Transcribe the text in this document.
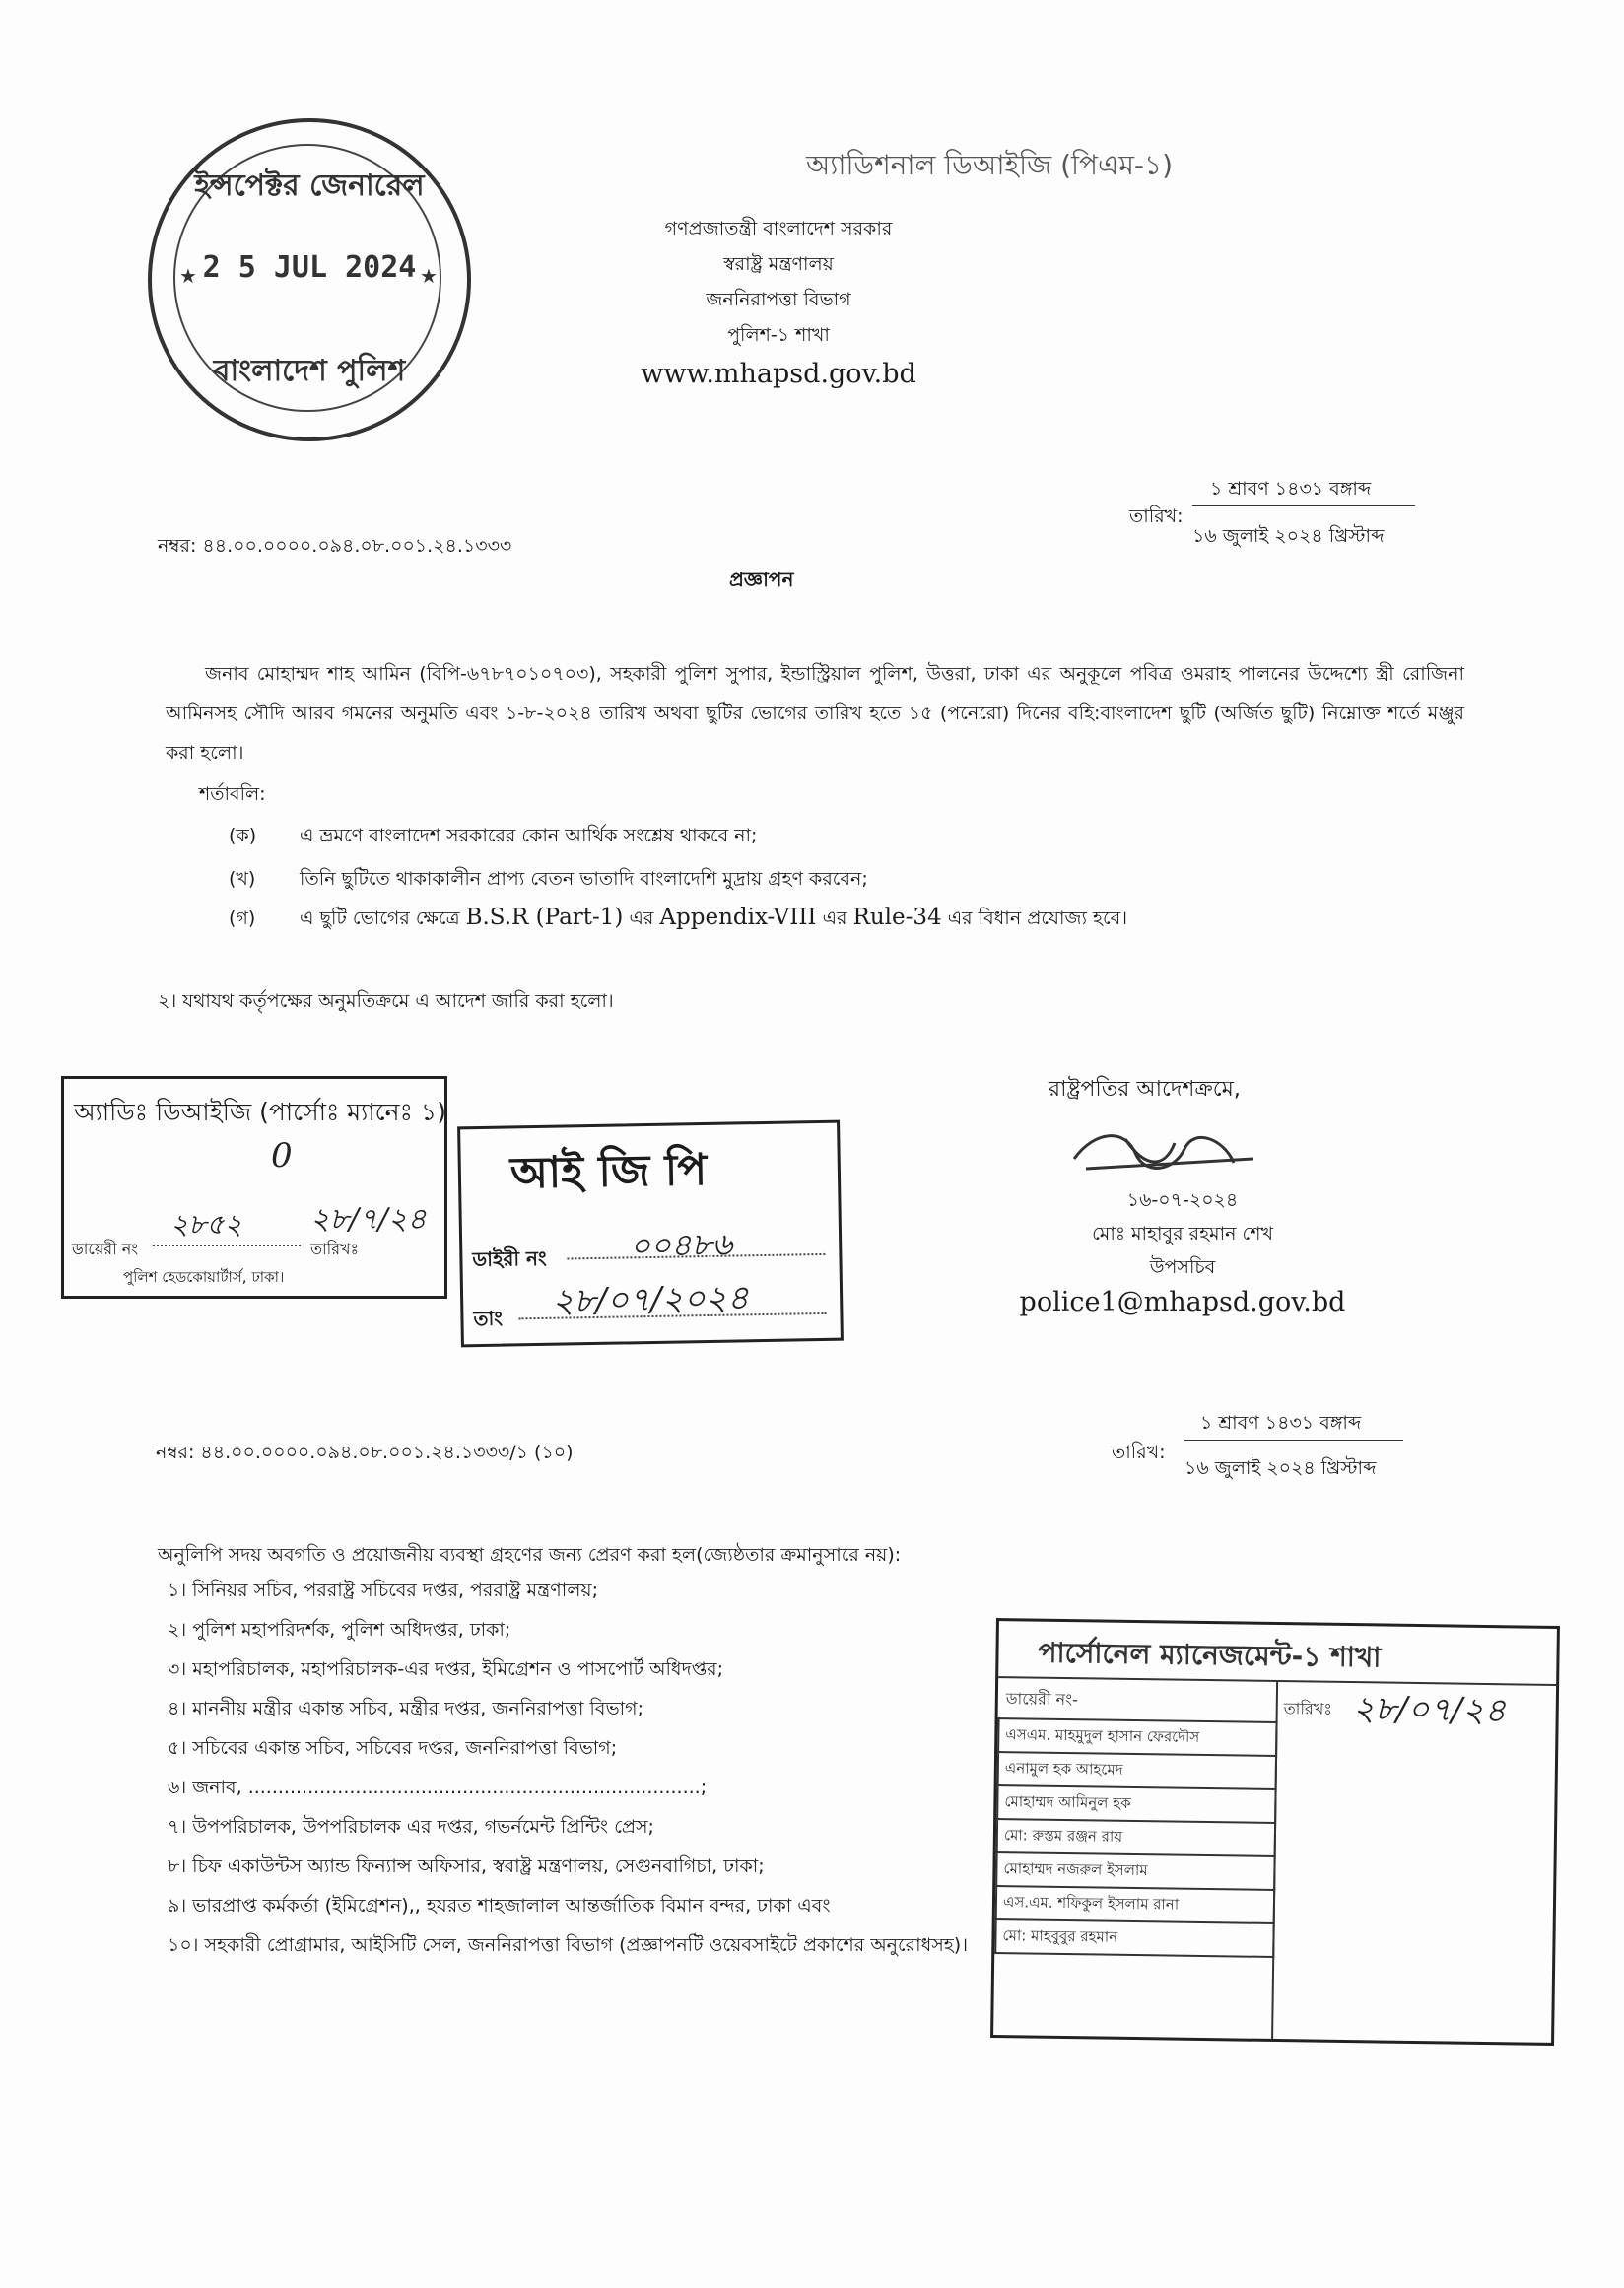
অ্যাডিশনাল ডিআইজি (পিএম-১)
ইন্সপেক্টর জেনারেল
2 5 JUL 2024
★	★
বাংলাদেশ পুলিশ
গণপ্রজাতন্ত্রী বাংলাদেশ সরকার
স্বরাষ্ট্র মন্ত্রণালয়
জননিরাপত্তা বিভাগ
পুলিশ-১ শাখা
www.mhapsd.gov.bd
নম্বর: ৪৪.০০.০০০০.০৯৪.০৮.০০১.২৪.১৩৩৩
তারিখ:
১ শ্রাবণ ১৪৩১ বঙ্গাব্দ
১৬ জুলাই ২০২৪ খ্রিস্টাব্দ
প্রজ্ঞাপন
জনাব মোহাম্মদ শাহ আমিন (বিপি-৬৭৮৭০১০৭০৩), সহকারী পুলিশ সুপার, ইন্ডাস্ট্রিয়াল পুলিশ, উত্তরা, ঢাকা এর অনুকূলে পবিত্র ওমরাহ পালনের উদ্দেশ্যে স্ত্রী রোজিনা আমিনসহ সৌদি আরব গমনের অনুমতি এবং ১-৮-২০২৪ তারিখ অথবা ছুটির ভোগের তারিখ হতে ১৫ (পনেরো) দিনের বহি:বাংলাদেশ ছুটি (অর্জিত ছুটি) নিম্নোক্ত শর্তে মঞ্জুর করা হলো।
শর্তাবলি:
(ক) এ ভ্রমণে বাংলাদেশ সরকারের কোন আর্থিক সংশ্লেষ থাকবে না;
(খ) তিনি ছুটিতে থাকাকালীন প্রাপ্য বেতন ভাতাদি বাংলাদেশি মুদ্রায় গ্রহণ করবেন;
(গ) এ ছুটি ভোগের ক্ষেত্রে B.S.R (Part-1) এর Appendix-VIII এর Rule-34 এর বিধান প্রযোজ্য হবে।
২। যথাযথ কর্তৃপক্ষের অনুমতিক্রমে এ আদেশ জারি করা হলো।
অ্যাডিঃ ডিআইজি (পার্সোঃ ম্যানেঃ ১)
0
ডায়েরী নং
২৮৫২
তারিখঃ
২৮/৭/২৪
পুলিশ হেডকোয়ার্টার্স, ঢাকা।
আই জি পি
ডাইরী নং	০০৪৮৬
তাং ২৮/০৭/২০২৪
রাষ্ট্রপতির আদেশক্রমে,
১৬-০৭-২০২৪
মোঃ মাহাবুর রহমান শেখ
উপসচিব
police1@mhapsd.gov.bd
নম্বর: ৪৪.০০.০০০০.০৯৪.০৮.০০১.২৪.১৩৩৩/১ (১০)	তারিখ:
১ শ্রাবণ ১৪৩১ বঙ্গাব্দ
১৬ জুলাই ২০২৪ খ্রিস্টাব্দ
অনুলিপি সদয় অবগতি ও প্রয়োজনীয় ব্যবস্থা গ্রহণের জন্য প্রেরণ করা হল(জ্যেষ্ঠতার ক্রমানুসারে নয়):
১। সিনিয়র সচিব, পররাষ্ট্র সচিবের দপ্তর, পররাষ্ট্র মন্ত্রণালয়;
২। পুলিশ মহাপরিদর্শক, পুলিশ অধিদপ্তর, ঢাকা;
৩। মহাপরিচালক, মহাপরিচালক-এর দপ্তর, ইমিগ্রেশন ও পাসপোর্ট অধিদপ্তর;
৪। মাননীয় মন্ত্রীর একান্ত সচিব, মন্ত্রীর দপ্তর, জননিরাপত্তা বিভাগ;
৫। সচিবের একান্ত সচিব, সচিবের দপ্তর, জননিরাপত্তা বিভাগ;
৬। জনাব, ............................................................................;
৭। উপপরিচালক, উপপরিচালক এর দপ্তর, গভর্নমেন্ট প্রিন্টিং প্রেস;
৮। চিফ একাউন্টস অ্যান্ড ফিন্যান্স অফিসার, স্বরাষ্ট্র মন্ত্রণালয়, সেগুনবাগিচা, ঢাকা;
৯। ভারপ্রাপ্ত কর্মকর্তা (ইমিগ্রেশন),, হযরত শাহজালাল আন্তর্জাতিক বিমান বন্দর, ঢাকা এবং
১০। সহকারী প্রোগ্রামার, আইসিটি সেল, জননিরাপত্তা বিভাগ (প্রজ্ঞাপনটি ওয়েবসাইটে প্রকাশের অনুরোধসহ)।
পার্সোনেল ম্যানেজমেন্ট-১ শাখা
ডায়েরী নং-	তারিখঃ ২৮/০৭/২৪
এসএম. মাহমুদুল হাসান ফেরদৌস
এনামুল হক আহমেদ
মোহাম্মদ আমিনুল হক
মো: রুস্তম রঞ্জন রায়
মোহাম্মদ নজরুল ইসলাম
এস.এম. শফিকুল ইসলাম রানা
মো: মাহবুবুর রহমান
